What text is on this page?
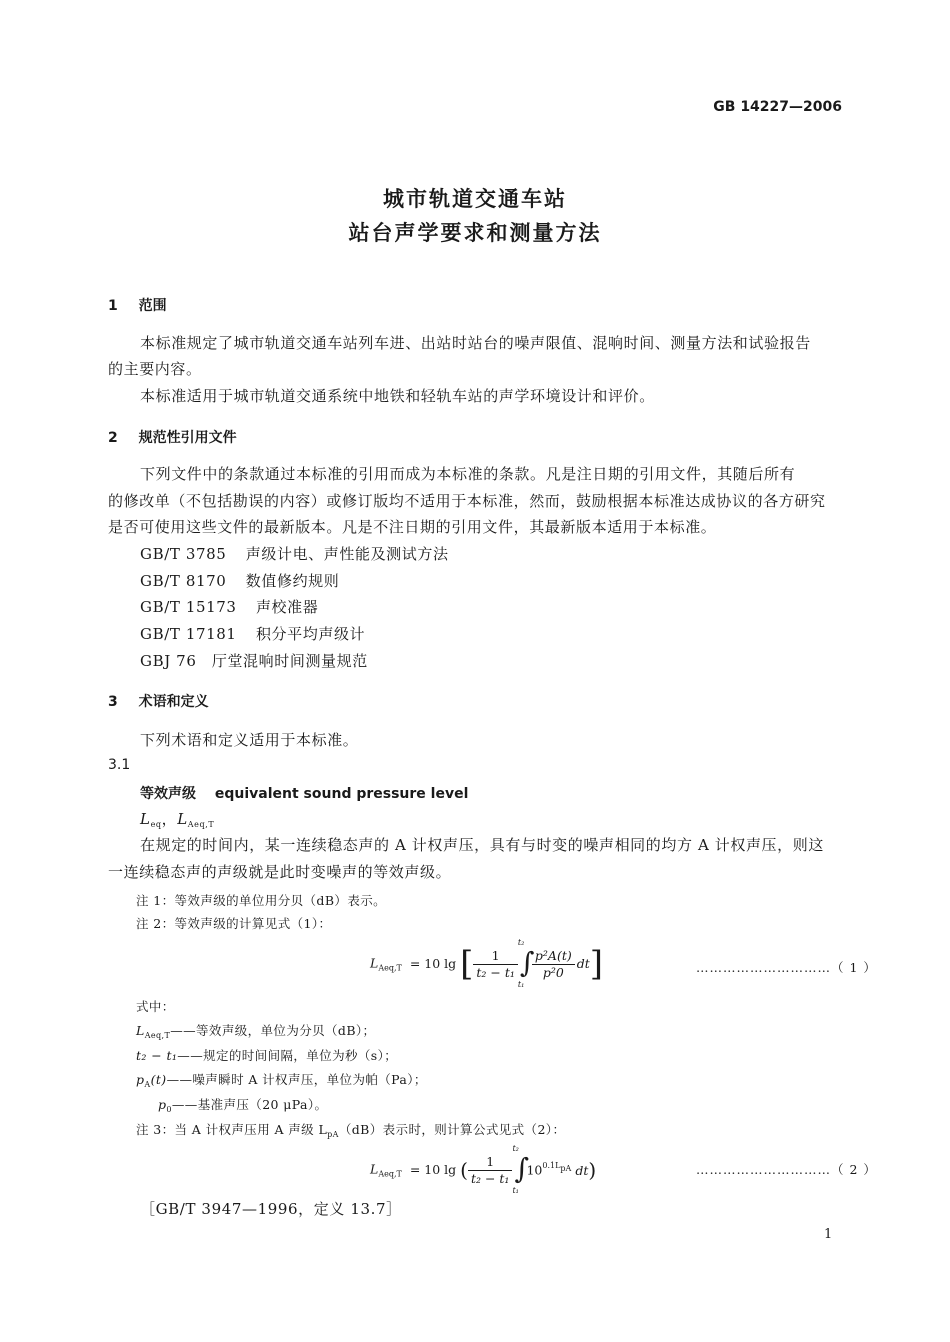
GB 14227—2006
城市轨道交通车站
站台声学要求和测量方法
1 范围
本标准规定了城市轨道交通车站列车进、出站时站台的噪声限值、混响时间、测量方法和试验报告
的主要内容。
本标准适用于城市轨道交通系统中地铁和轻轨车站的声学环境设计和评价。
2 规范性引用文件
下列文件中的条款通过本标准的引用而成为本标准的条款。凡是注日期的引用文件，其随后所有
的修改单（不包括勘误的内容）或修订版均不适用于本标准，然而，鼓励根据本标准达成协议的各方研究
是否可使用这些文件的最新版本。凡是不注日期的引用文件，其最新版本适用于本标准。
GB/T 3785 声级计电、声性能及测试方法
GB/T 8170 数值修约规则
GB/T 15173 声校准器
GB/T 17181 积分平均声级计
GBJ 76 厅堂混响时间测量规范
3 术语和定义
下列术语和定义适用于本标准。
3.1
等效声级 equivalent sound pressure level
$L_{eq}$，$L_{Aeq,T}$
在规定的时间内，某一连续稳态声的 A 计权声压，具有与时变的噪声相同的均方 A 计权声压，则这
一连续稳态声的声级就是此时变噪声的等效声级。
注 1：等效声级的单位用分贝（dB）表示。
注 2：等效声级的计算见式（1）：
$L_{Aeq,T} = 10$ lg [ $\frac{1}{\text{t₂ − t₁}}$
t₂
∫
t₁
$\frac{\text{p²A(t)}}{\text{p²0}} dt$]	…………………………（ 1 ）
式中：
$L_{Aeq,T}——$等效声级，单位为分贝（dB）；
t₂ − t₁——规定的时间间隔，单位为秒（s）；
$p_A(t)——$噪声瞬时 A 计权声压，单位为帕（Pa）；
$p_0——$基准声压（20 μPa）。
注 3：当 A 计权声压用 A 声级 $L_{pA}(dB)$表示时，则计算公式见式（2）：
$L_{Aeq,T} = 10$ lg ( $\frac{1}{\text{t₂ − t₁}}$
t₂
∫
t₁
$10^{0.1LpA}$ dt)	…………………………（ 2 ）
［GB/T 3947—1996，定义 13.7］
1
